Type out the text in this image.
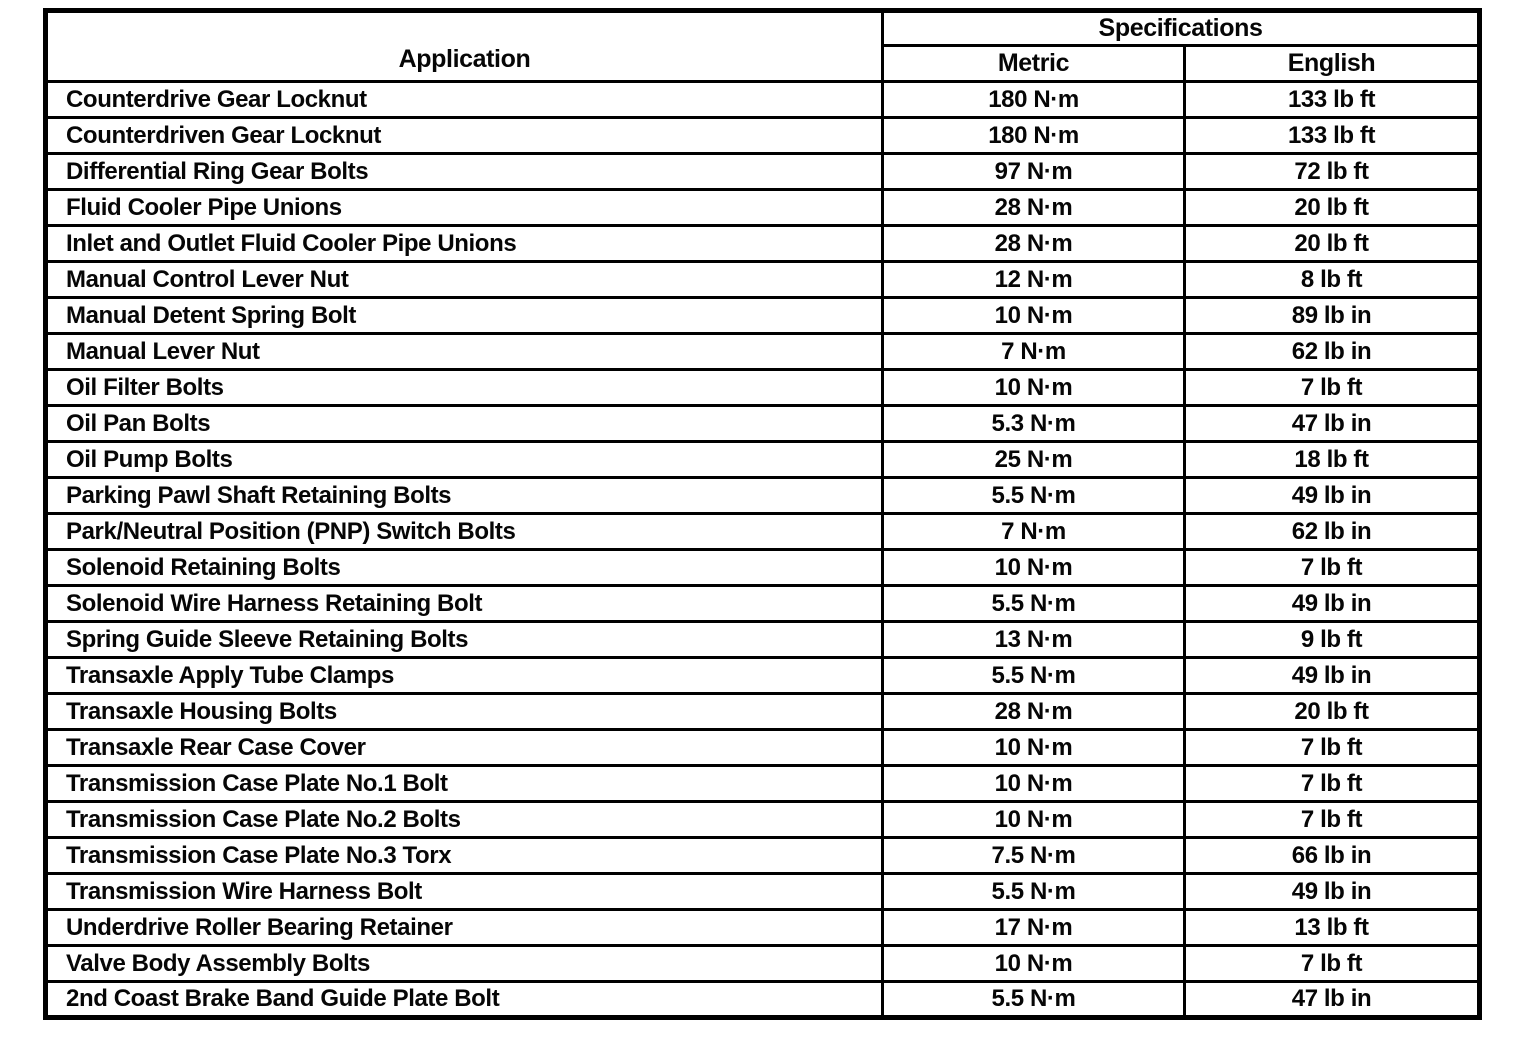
Application	Specifications	
	Metric	English
Counterdrive Gear Locknut	180 N·m	133 lb ft
Counterdriven Gear Locknut	180 N·m	133 lb ft
Differential Ring Gear Bolts	97 N·m	72 lb ft
Fluid Cooler Pipe Unions	28 N·m	20 lb ft
Inlet and Outlet Fluid Cooler Pipe Unions	28 N·m	20 lb ft
Manual Control Lever Nut	12 N·m	8 lb ft
Manual Detent Spring Bolt	10 N·m	89 lb in
Manual Lever Nut	7 N·m	62 lb in
Oil Filter Bolts	10 N·m	7 lb ft
Oil Pan Bolts	5.3 N·m	47 lb in
Oil Pump Bolts	25 N·m	18 lb ft
Parking Pawl Shaft Retaining Bolts	5.5 N·m	49 lb in
Park/Neutral Position (PNP) Switch Bolts	7 N·m	62 lb in
Solenoid Retaining Bolts	10 N·m	7 lb ft
Solenoid Wire Harness Retaining Bolt	5.5 N·m	49 lb in
Spring Guide Sleeve Retaining Bolts	13 N·m	9 lb ft
Transaxle Apply Tube Clamps	5.5 N·m	49 lb in
Transaxle Housing Bolts	28 N·m	20 lb ft
Transaxle Rear Case Cover	10 N·m	7 lb ft
Transmission Case Plate No.1 Bolt	10 N·m	7 lb ft
Transmission Case Plate No.2 Bolts	10 N·m	7 lb ft
Transmission Case Plate No.3 Torx	7.5 N·m	66 lb in
Transmission Wire Harness Bolt	5.5 N·m	49 lb in
Underdrive Roller Bearing Retainer	17 N·m	13 lb ft
Valve Body Assembly Bolts	10 N·m	7 lb ft
2nd Coast Brake Band Guide Plate Bolt	5.5 N·m	47 lb in
